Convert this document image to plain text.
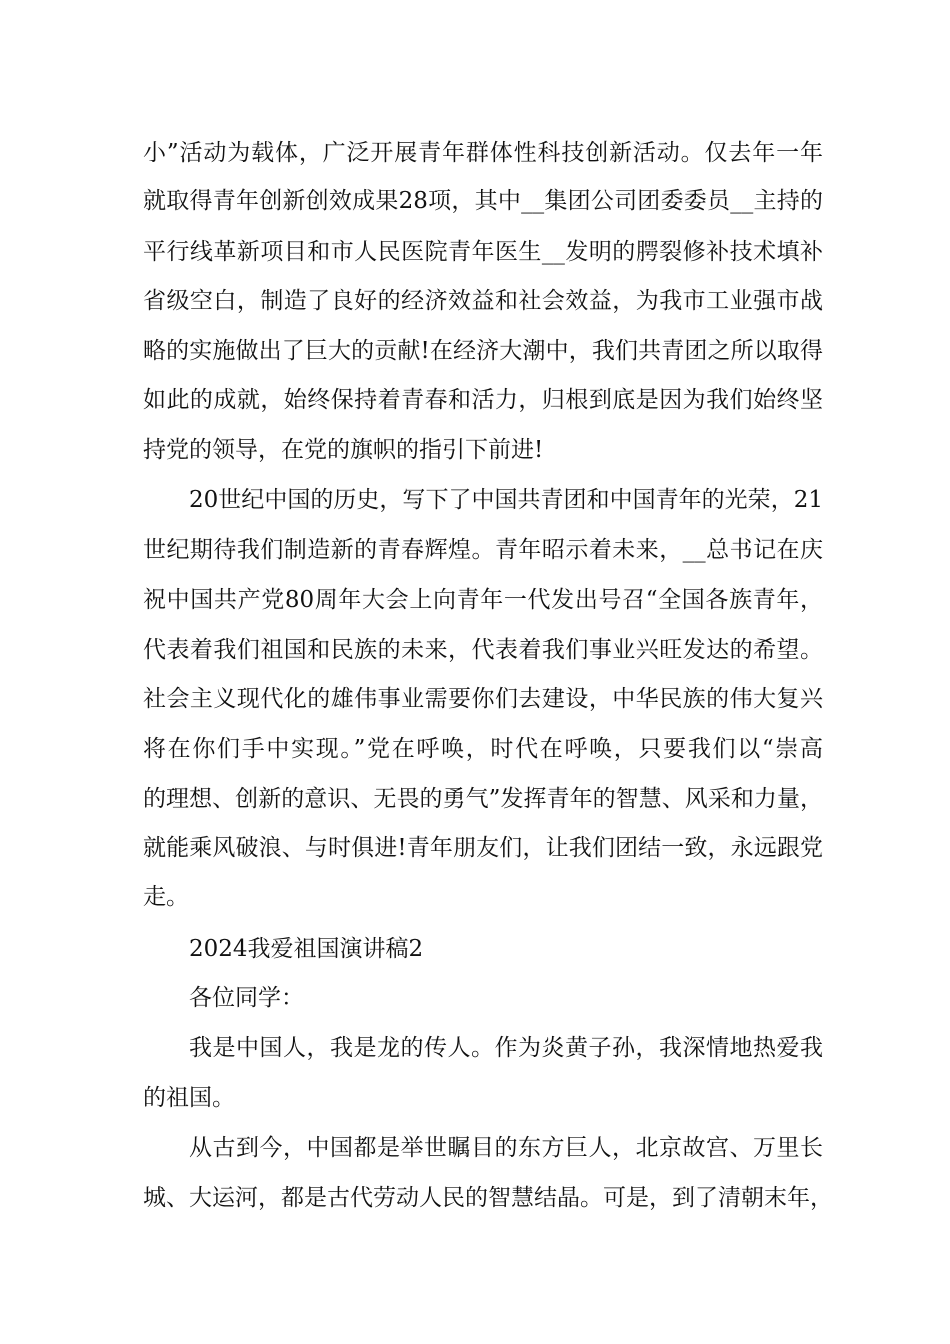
小”活动为载体，广泛开展青年群体性科技创新活动。仅去年一年
就取得青年创新创效成果28项，其中__集团公司团委委员__主持的
平行线革新项目和市人民医院青年医生__发明的腭裂修补技术填补
省级空白，制造了良好的经济效益和社会效益，为我市工业强市战
略的实施做出了巨大的贡献!在经济大潮中，我们共青团之所以取得
如此的成就，始终保持着青春和活力，归根到底是因为我们始终坚
持党的领导，在党的旗帜的指引下前进!
20世纪中国的历史，写下了中国共青团和中国青年的光荣，21
世纪期待我们制造新的青春辉煌。青年昭示着未来，__总书记在庆
祝中国共产党80周年大会上向青年一代发出号召“全国各族青年，
代表着我们祖国和民族的未来，代表着我们事业兴旺发达的希望。
社会主义现代化的雄伟事业需要你们去建设，中华民族的伟大复兴
将在你们手中实现。”党在呼唤，时代在呼唤，只要我们以“崇高
的理想、创新的意识、无畏的勇气”发挥青年的智慧、风采和力量，
就能乘风破浪、与时俱进!青年朋友们，让我们团结一致，永远跟党
走。
2024我爱祖国演讲稿2
各位同学：
我是中国人，我是龙的传人。作为炎黄子孙，我深情地热爱我
的祖国。
从古到今，中国都是举世瞩目的东方巨人，北京故宫、万里长
城、大运河，都是古代劳动人民的智慧结晶。可是，到了清朝末年，
